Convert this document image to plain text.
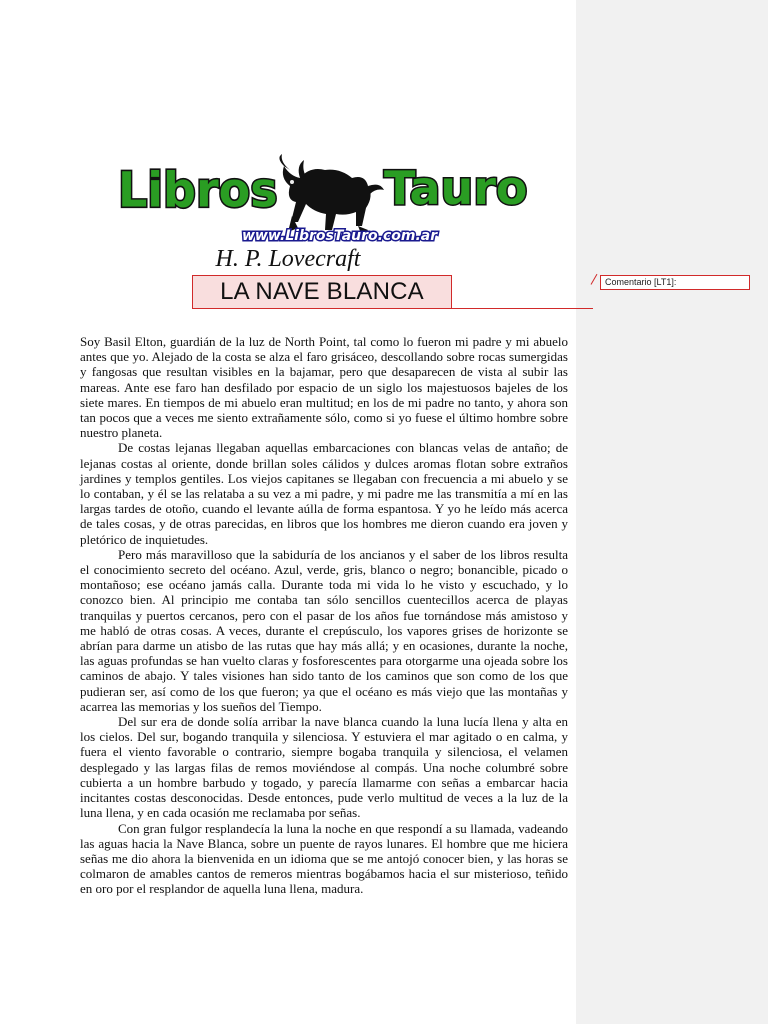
Libros Tauro
www.LibrosTauro.com.ar
H. P. Lovecraft
LA NAVE BLANCA

Soy Basil Elton, guardián de la luz de North Point, tal como lo fueron mi padre y mi abuelo antes que yo. Alejado de la costa se alza el faro grisáceo, descollando sobre rocas sumergidas y fangosas que resultan visibles en la bajamar, pero que desaparecen de vista al subir las mareas. Ante ese faro han desfilado por espacio de un siglo los majestuosos bajeles de los siete mares. En tiempos de mi abuelo eran multitud; en los de mi padre no tanto, y ahora son tan pocos que a veces me siento extrañamente sólo, como si yo fuese el último hombre sobre nuestro planeta.

De costas lejanas llegaban aquellas embarcaciones con blancas velas de antaño; de lejanas costas al oriente, donde brillan soles cálidos y dulces aromas flotan sobre extraños jardines y templos gentiles. Los viejos capitanes se llegaban con frecuencia a mi abuelo y se lo contaban, y él se las relataba a su vez a mi padre, y mi padre me las transmitía a mí en las largas tardes de otoño, cuando el levante aúlla de forma espantosa. Y yo he leído más acerca de tales cosas, y de otras parecidas, en libros que los hombres me dieron cuando era joven y pletórico de inquietudes.

Pero más maravilloso que la sabiduría de los ancianos y el saber de los libros resulta el conocimiento secreto del océano. Azul, verde, gris, blanco o negro; bonancible, picado o montañoso; ese océano jamás calla. Durante toda mi vida lo he visto y escuchado, y lo conozco bien. Al principio me contaba tan sólo sencillos cuentecillos acerca de playas tranquilas y puertos cercanos, pero con el pasar de los años fue tornándose más amistoso y me habló de otras cosas. A veces, durante el crepúsculo, los vapores grises de horizonte se abrían para darme un atisbo de las rutas que hay más allá; y en ocasiones, durante la noche, las aguas profundas se han vuelto claras y fosforescentes para otorgarme una ojeada sobre los caminos de abajo. Y tales visiones han sido tanto de los caminos que son como de los que pudieran ser, así como de los que fueron; ya que el océano es más viejo que las montañas y acarrea las memorias y los sueños del Tiempo.

Del sur era de donde solía arribar la nave blanca cuando la luna lucía llena y alta en los cielos. Del sur, bogando tranquila y silenciosa. Y estuviera el mar agitado o en calma, y fuera el viento favorable o contrario, siempre bogaba tranquila y silenciosa, el velamen desplegado y las largas filas de remos moviéndose al compás. Una noche columbré sobre cubierta a un hombre barbudo y togado, y parecía llamarme con señas a embarcar hacia incitantes costas desconocidas. Desde entonces, pude verlo multitud de veces a la luz de la luna llena, y en cada ocasión me reclamaba por señas.

Con gran fulgor resplandecía la luna la noche en que respondí a su llamada, vadeando las aguas hacia la Nave Blanca, sobre un puente de rayos lunares. El hombre que me hiciera señas me dio ahora la bienvenida en un idioma que se me antojó conocer bien, y las horas se colmaron de amables cantos de remeros mientras bogábamos hacia el sur misterioso, teñido en oro por el resplandor de aquella luna llena, madura.

Comentario [LT1]:
